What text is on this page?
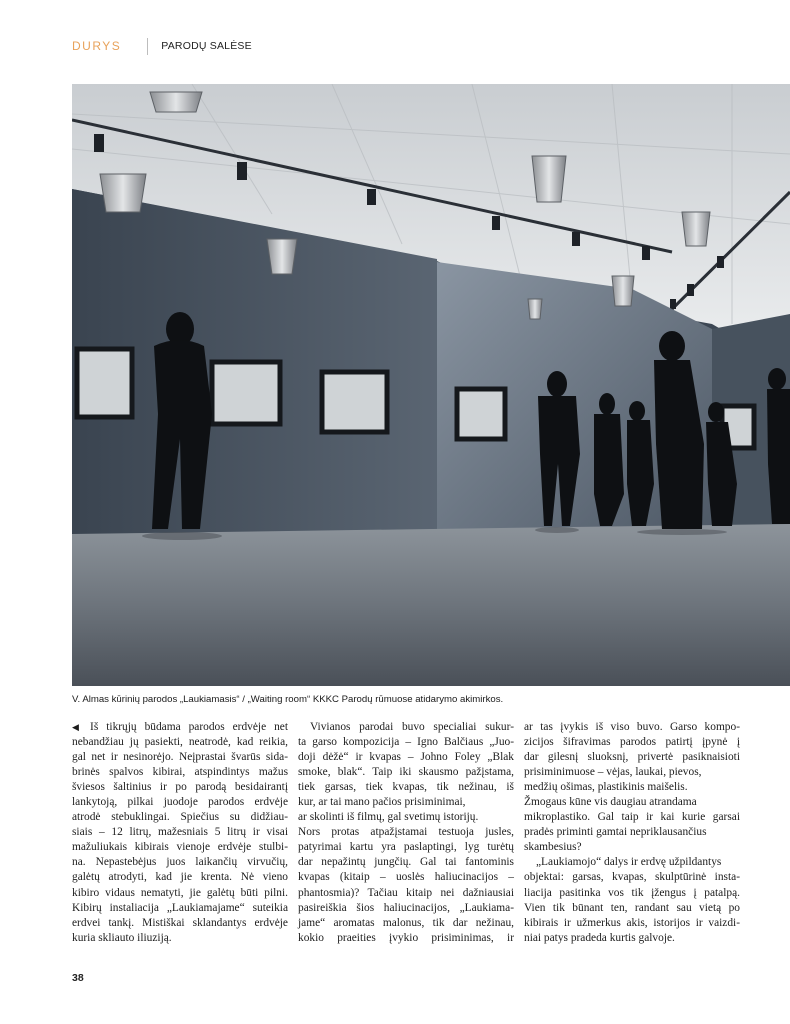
DURYS	PARODŲ SALĖSE
V. Almas kūrinių parodos „Laukiamasis“ / „Waiting room“ KKKC Parodų rūmuose atidarymo akimirkos.
◀ Iš tikrųjų būdama parodos erdvėje net
nebandžiau jų pasiekti, neatrodė, kad reikia,
gal net ir nesinorėjo. Neįprastai švarūs sida-
brinės spalvos kibirai, atspindintys mažus
šviesos šaltinius ir po parodą besidairantį
lankytoją, pilkai juodoje parodos erdvėje
atrodė stebuklingai. Spiečius su didžiau-
siais – 12 litrų, mažesniais 5 litrų ir visai
mažuliukais kibirais vienoje erdvėje stulbi-
na. Nepastebėjus juos laikančių virvučių,
galėtų atrodyti, kad jie krenta. Nė vieno
kibiro vidaus nematyti, jie galėtų būti pilni.
Kibirų instaliacija „Laukiamajame“ suteikia
erdvei tankį. Mistiškai sklandantys erdvėje
kuria skliauto iliuziją.
Vivianos parodai buvo specialiai sukur-
ta garso kompozicija – Igno Balčiaus „Juo-
doji dėžė“ ir kvapas – Johno Foley „Blak
smoke, blak“. Taip iki skausmo pažįstama,
tiek garsas, tiek kvapas, tik nežinau, iš
kur, ar tai mano pačios prisiminimai,
ar skolinti iš filmų, gal svetimų istorijų.
Nors protas atpažįstamai testuoja jusles,
patyrimai kartu yra paslaptingi, lyg turėtų
dar nepažintų jungčių. Gal tai fantominis
kvapas (kitaip – uoslės haliucinacijos –
phantosmia)? Tačiau kitaip nei dažniausiai
pasireiškia šios haliucinacijos, „Laukiama-
jame“ aromatas malonus, tik dar nežinau,
kokio praeities įvykio prisiminimas, ir
ar tas įvykis iš viso buvo. Garso kompo-
zicijos šifravimas parodos patirtį įpynė į
dar gilesnį sluoksnį, privertė pasiknaisioti
prisiminimuose – vėjas, laukai, pievos,
medžių ošimas, plastikinis maišelis.
Žmogaus kūne vis daugiau atrandama
mikroplastiko. Gal taip ir kai kurie garsai
pradės priminti gamtai nepriklausančius
skambesius?
„Laukiamojo“ dalys ir erdvę užpildantys
objektai: garsas, kvapas, skulptūrinė insta-
liacija pasitinka vos tik įžengus į patalpą.
Vien tik būnant ten, randant sau vietą po
kibirais ir užmerkus akis, istorijos ir vaizdi-
niai patys pradeda kurtis galvoje.
38
